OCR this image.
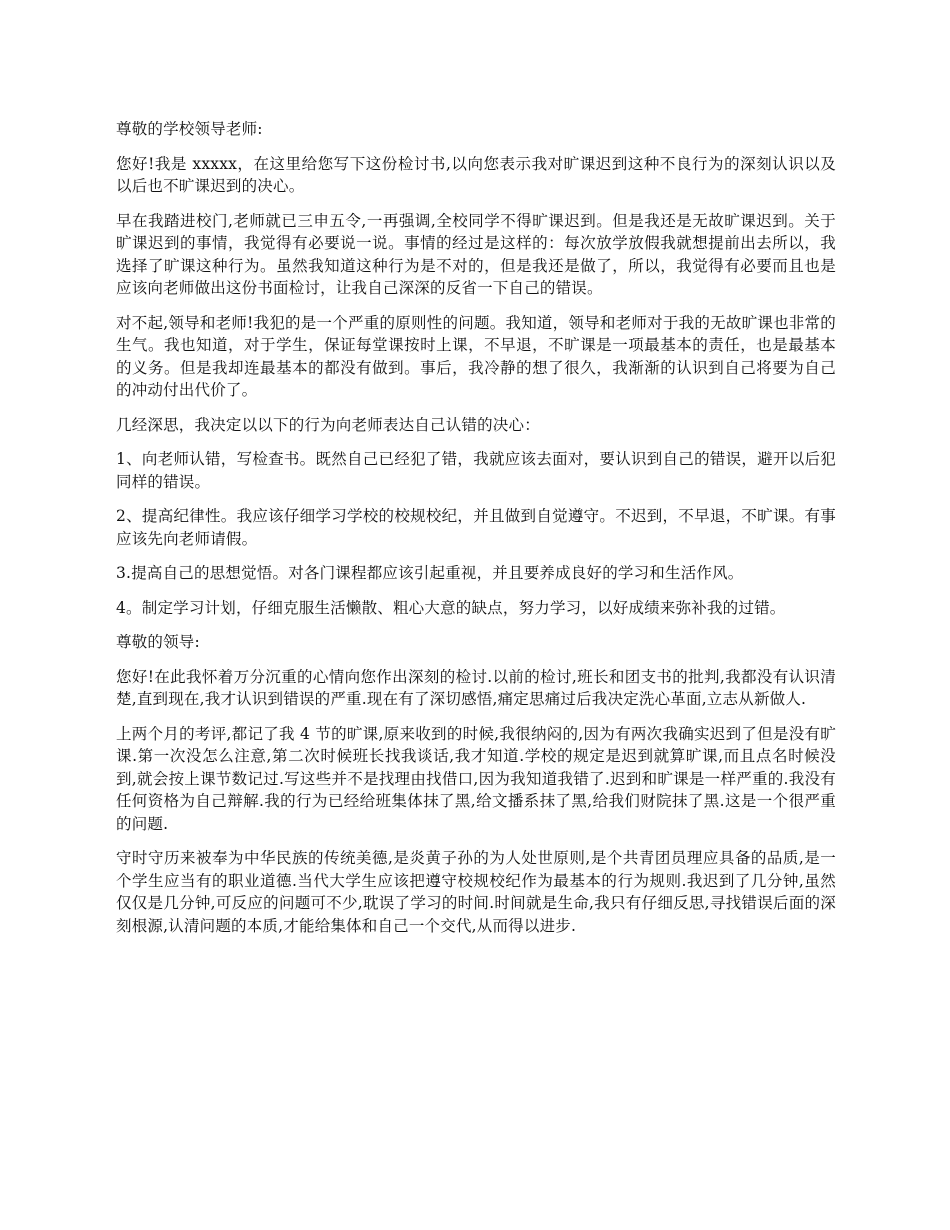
尊敬的学校领导老师:

您好!我是 xxxxx，在这里给您写下这份检讨书,以向您表示我对旷课迟到这种不良行为的深刻认识以及以后也不旷课迟到的决心。

早在我踏进校门,老师就已三申五令,一再强调,全校同学不得旷课迟到。但是我还是无故旷课迟到。关于旷课迟到的事情，我觉得有必要说一说。事情的经过是这样的：每次放学放假我就想提前出去所以，我选择了旷课这种行为。虽然我知道这种行为是不对的，但是我还是做了，所以，我觉得有必要而且也是应该向老师做出这份书面检讨，让我自己深深的反省一下自己的错误。

对不起,领导和老师!我犯的是一个严重的原则性的问题。我知道，领导和老师对于我的无故旷课也非常的生气。我也知道，对于学生，保证每堂课按时上课，不早退，不旷课是一项最基本的责任，也是最基本的义务。但是我却连最基本的都没有做到。事后，我冷静的想了很久，我渐渐的认识到自己将要为自己的冲动付出代价了。

几经深思，我决定以以下的行为向老师表达自己认错的决心：

1、向老师认错，写检查书。既然自己已经犯了错，我就应该去面对，要认识到自己的错误，避开以后犯同样的错误。

2、提高纪律性。我应该仔细学习学校的校规校纪，并且做到自觉遵守。不迟到，不早退，不旷课。有事应该先向老师请假。

3.提高自己的思想觉悟。对各门课程都应该引起重视，并且要养成良好的学习和生活作风。

4。制定学习计划，仔细克服生活懒散、粗心大意的缺点，努力学习，以好成绩来弥补我的过错。

尊敬的领导:

您好!在此我怀着万分沉重的心情向您作出深刻的检讨.以前的检讨,班长和团支书的批判,我都没有认识清楚,直到现在,我才认识到错误的严重.现在有了深切感悟,痛定思痛过后我决定洗心革面,立志从新做人.

上两个月的考评,都记了我 4 节的旷课,原来收到的时候,我很纳闷的,因为有两次我确实迟到了但是没有旷课.第一次没怎么注意,第二次时候班长找我谈话,我才知道.学校的规定是迟到就算旷课,而且点名时候没到,就会按上课节数记过.写这些并不是找理由找借口,因为我知道我错了.迟到和旷课是一样严重的.我没有任何资格为自己辩解.我的行为已经给班集体抹了黑,给文播系抹了黑,给我们财院抹了黑.这是一个很严重的问题.

守时守历来被奉为中华民族的传统美德,是炎黄子孙的为人处世原则,是个共青团员理应具备的品质,是一个学生应当有的职业道德.当代大学生应该把遵守校规校纪作为最基本的行为规则.我迟到了几分钟,虽然仅仅是几分钟,可反应的问题可不少,耽误了学习的时间.时间就是生命,我只有仔细反思,寻找错误后面的深刻根源,认清问题的本质,才能给集体和自己一个交代,从而得以进步.
